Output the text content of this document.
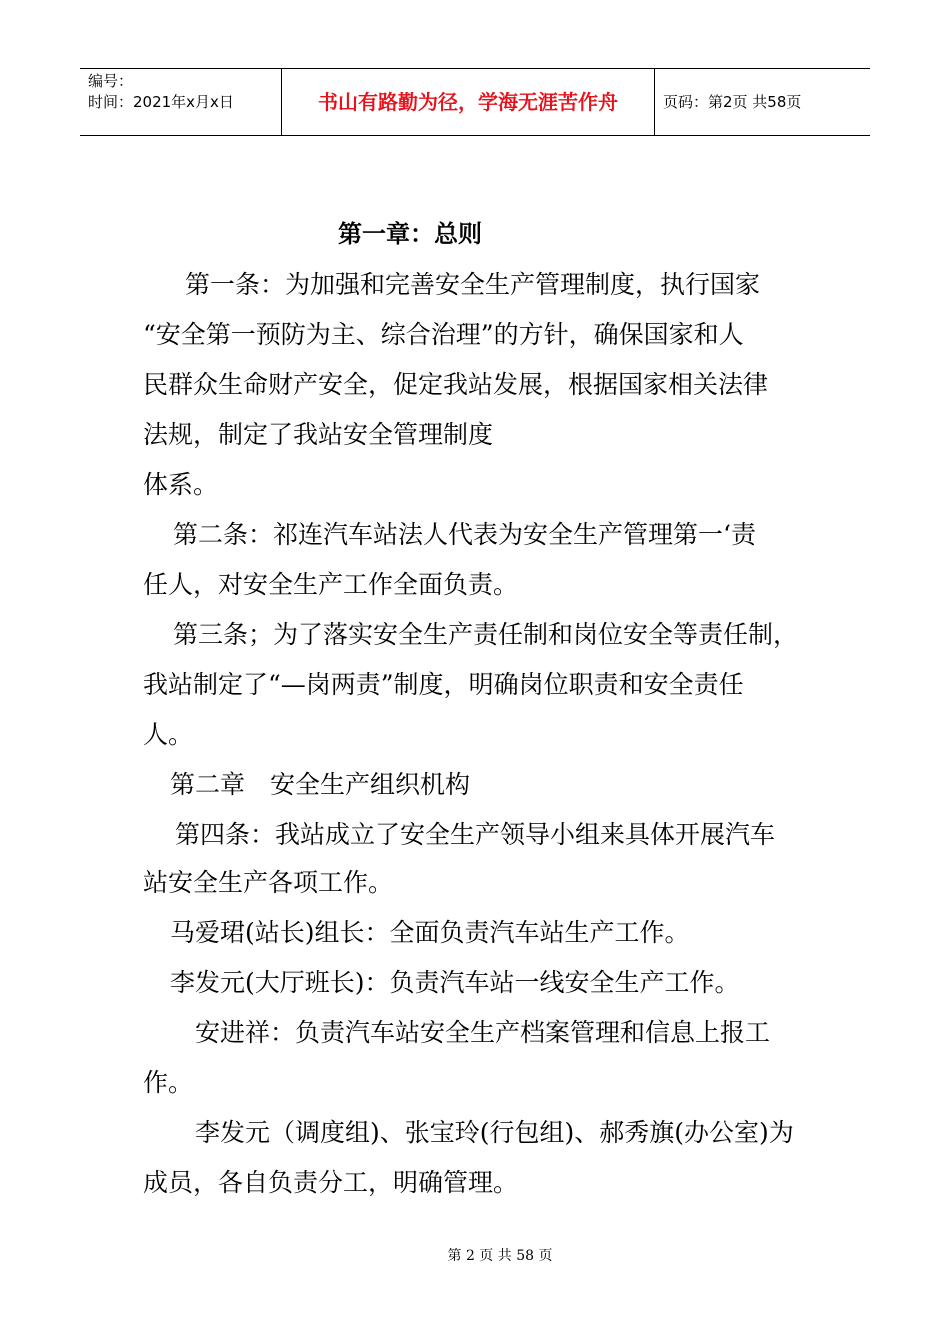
编号：
时间：2021年x月x日	书山有路勤为径，学海无涯苦作舟	页码：第2页 共58页
第一章：总则
第一条：为加强和完善安全生产管理制度，执行国家
“安全第一预防为主、综合治理”的方针，确保国家和人
民群众生命财产安全，促定我站发展，根据国家相关法律
法规，制定了我站安全管理制度
体系。
第二条：祁连汽车站法人代表为安全生产管理第一‘责
任人，对安全生产工作全面负责。
第三条；为了落实安全生产责任制和岗位安全等责任制，
我站制定了“—岗两责”制度，明确岗位职责和安全责任
人。
第二章　安全生产组织机构
第四条：我站成立了安全生产领导小组来具体开展汽车
站安全生产各项工作。
马爱珺(站长)组长：全面负责汽车站生产工作。
李发元(大厅班长)：负责汽车站一线安全生产工作。
安进祥：负责汽车站安全生产档案管理和信息上报工
作。
李发元（调度组)、张宝玲(行包组)、郝秀旗(办公室)为
成员，各自负责分工，明确管理。
第 2 页 共 58 页
